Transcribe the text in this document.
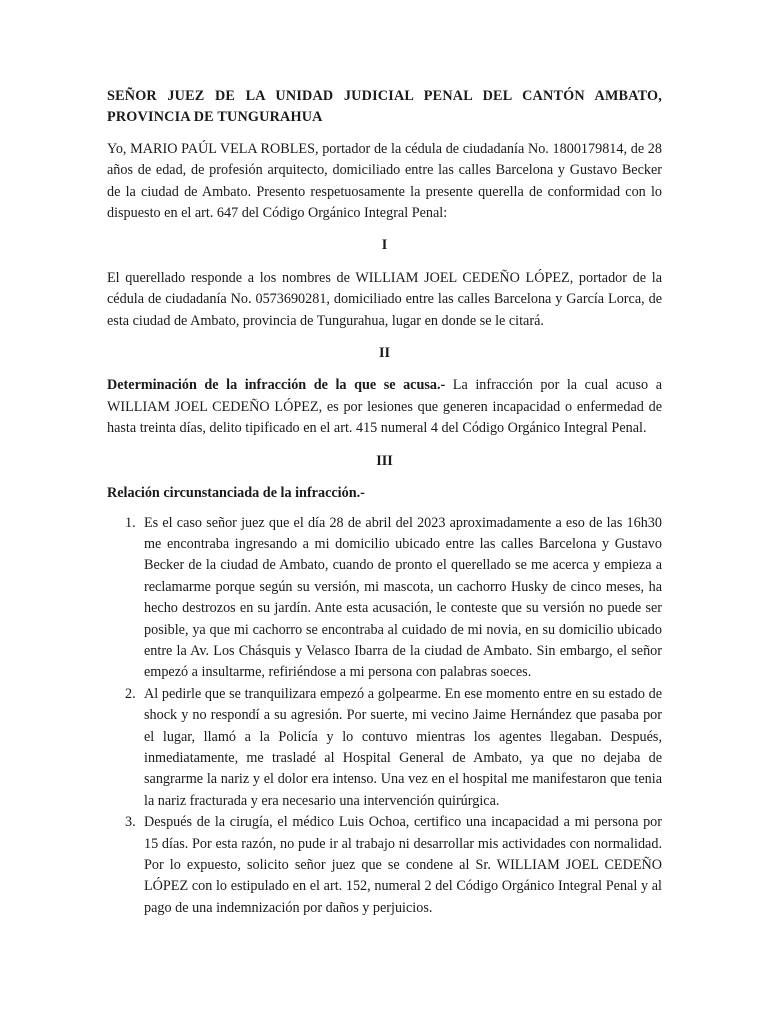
SEÑOR JUEZ DE LA UNIDAD JUDICIAL PENAL DEL CANTÓN AMBATO, PROVINCIA DE TUNGURAHUA

Yo, MARIO PAÚL VELA ROBLES, portador de la cédula de ciudadanía No. 1800179814, de 28 años de edad, de profesión arquitecto, domiciliado entre las calles Barcelona y Gustavo Becker de la ciudad de Ambato. Presento respetuosamente la presente querella de conformidad con lo dispuesto en el art. 647 del Código Orgánico Integral Penal:

I

El querellado responde a los nombres de WILLIAM JOEL CEDEÑO LÓPEZ, portador de la cédula de ciudadanía No. 0573690281, domiciliado entre las calles Barcelona y García Lorca, de esta ciudad de Ambato, provincia de Tungurahua, lugar en donde se le citará.

II

Determinación de la infracción de la que se acusa.- La infracción por la cual acuso a WILLIAM JOEL CEDEÑO LÓPEZ, es por lesiones que generen incapacidad o enfermedad de hasta treinta días, delito tipificado en el art. 415 numeral 4 del Código Orgánico Integral Penal.

III

Relación circunstanciada de la infracción.-

1. Es el caso señor juez que el día 28 de abril del 2023 aproximadamente a eso de las 16h30 me encontraba ingresando a mi domicilio ubicado entre las calles Barcelona y Gustavo Becker de la ciudad de Ambato, cuando de pronto el querellado se me acerca y empieza a reclamarme porque según su versión, mi mascota, un cachorro Husky de cinco meses, ha hecho destrozos en su jardín. Ante esta acusación, le conteste que su versión no puede ser posible, ya que mi cachorro se encontraba al cuidado de mi novia, en su domicilio ubicado entre la Av. Los Chásquis y Velasco Ibarra de la ciudad de Ambato. Sin embargo, el señor empezó a insultarme, refiriéndose a mi persona con palabras soeces.
2. Al pedirle que se tranquilizara empezó a golpearme. En ese momento entre en su estado de shock y no respondí a su agresión. Por suerte, mi vecino Jaime Hernández que pasaba por el lugar, llamó a la Policía y lo contuvo mientras los agentes llegaban. Después, inmediatamente, me trasladé al Hospital General de Ambato, ya que no dejaba de sangrarme la nariz y el dolor era intenso. Una vez en el hospital me manifestaron que tenia la nariz fracturada y era necesario una intervención quirúrgica.
3. Después de la cirugía, el médico Luis Ochoa, certifico una incapacidad a mi persona por 15 días. Por esta razón, no pude ir al trabajo ni desarrollar mis actividades con normalidad. Por lo expuesto, solicito señor juez que se condene al Sr. WILLIAM JOEL CEDEÑO LÓPEZ con lo estipulado en el art. 152, numeral 2 del Código Orgánico Integral Penal y al pago de una indemnización por daños y perjuicios.
